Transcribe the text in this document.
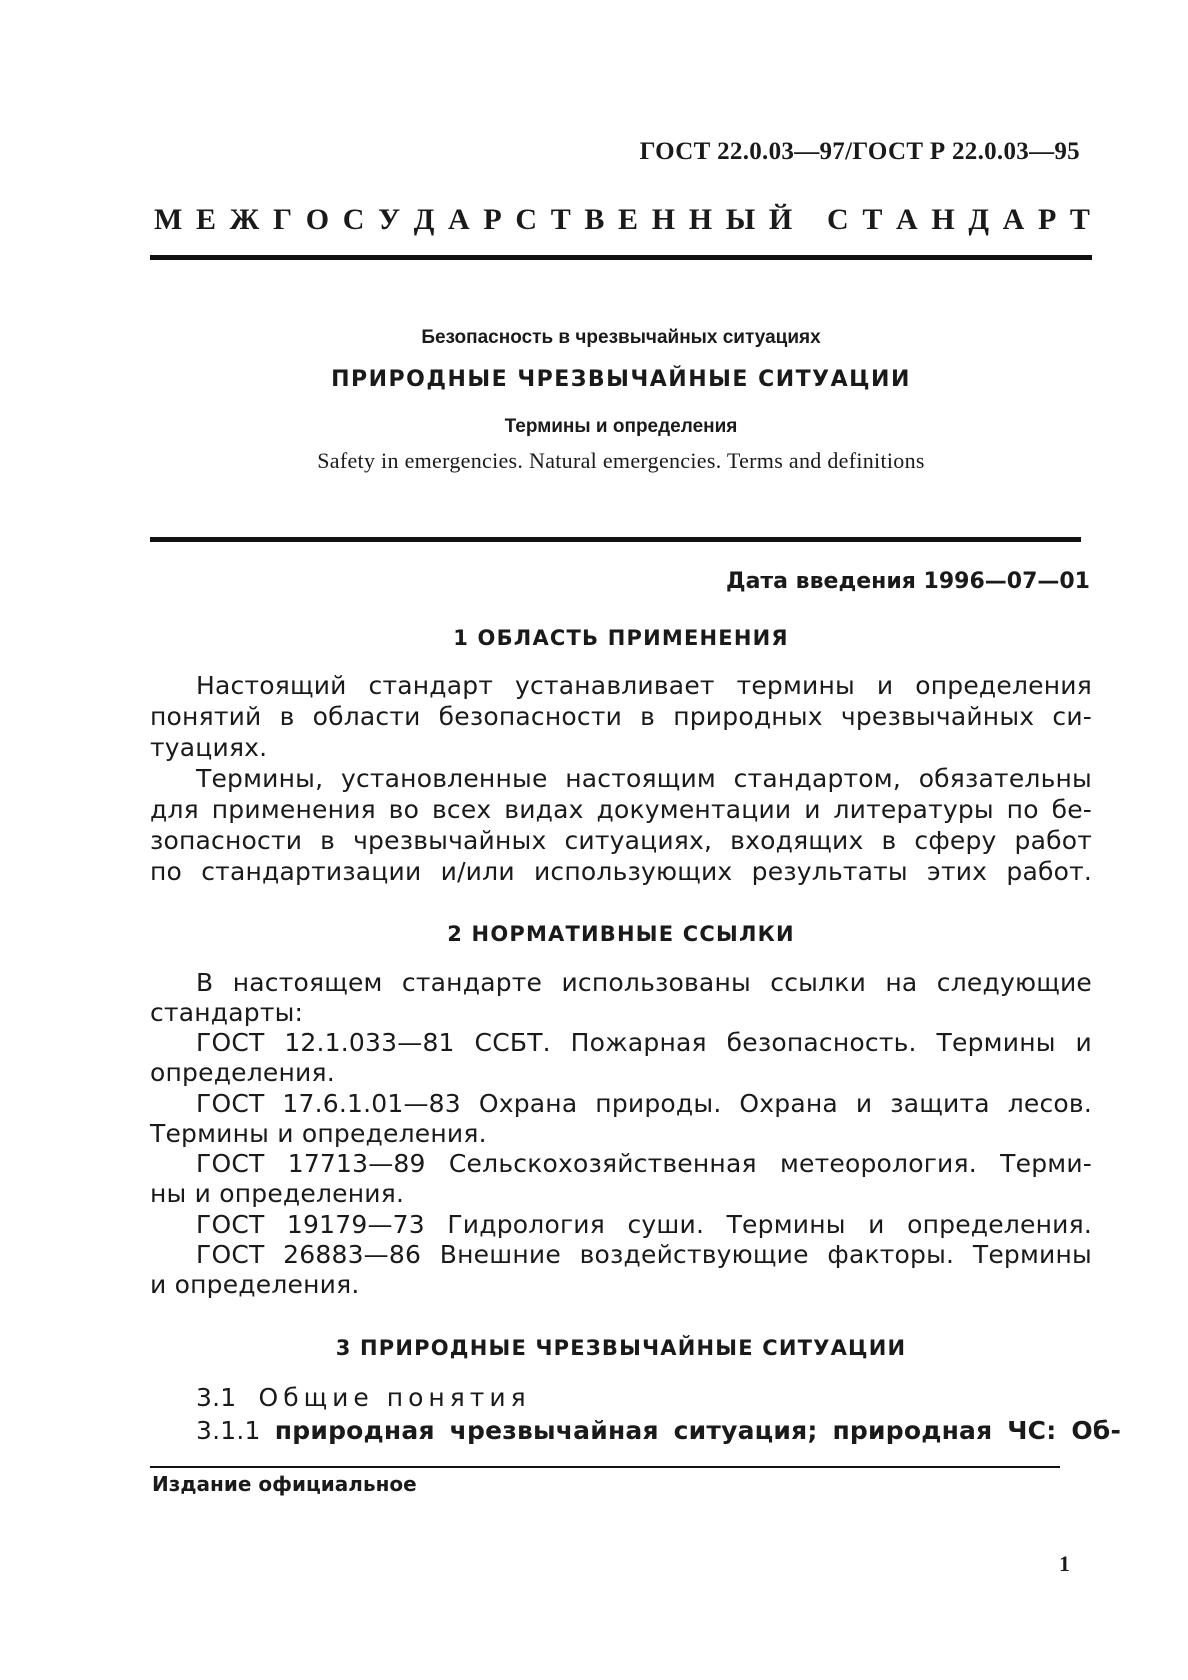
ГОСТ 22.0.03—97/ГОСТ Р 22.0.03—95
М Е Ж Г О С У Д А Р С Т В Е Н Н Ы Й
С Т А Н Д А Р Т
Безопасность в чрезвычайных ситуациях
ПРИРОДНЫЕ ЧРЕЗВЫЧАЙНЫЕ СИТУАЦИИ
Термины и определения
Safety in emergencies. Natural emergencies. Terms and definitions
Дата введения 1996—07—01
1 ОБЛАСТЬ ПРИМЕНЕНИЯ
Настоящий стандарт устанавливает термины и определения
понятий в области безопасности в природных чрезвычайных си-
туациях.
Термины, установленные настоящим стандартом, обязательны
для применения во всех видах документации и литературы по бе-
зопасности в чрезвычайных ситуациях, входящих в сферу работ
по стандартизации и/или использующих результаты этих работ.
2 НОРМАТИВНЫЕ ССЫЛКИ
В настоящем стандарте использованы ссылки на следующие
стандарты:
ГОСТ 12.1.033—81 ССБТ. Пожарная безопасность. Термины и
определения.
ГОСТ 17.6.1.01—83 Охрана природы. Охрана и защита лесов.
Термины и определения.
ГОСТ 17713—89 Сельскохозяйственная метеорология. Терми-
ны и определения.
ГОСТ 19179—73 Гидрология суши. Термины и определения.
ГОСТ 26883—86 Внешние воздействующие факторы. Термины
и определения.
3 ПРИРОДНЫЕ ЧРЕЗВЫЧАЙНЫЕ СИТУАЦИИ
3.1 Общие понятия
3.1.1 природная чрезвычайная ситуация; природная ЧС: Об-
Издание официальное
1
